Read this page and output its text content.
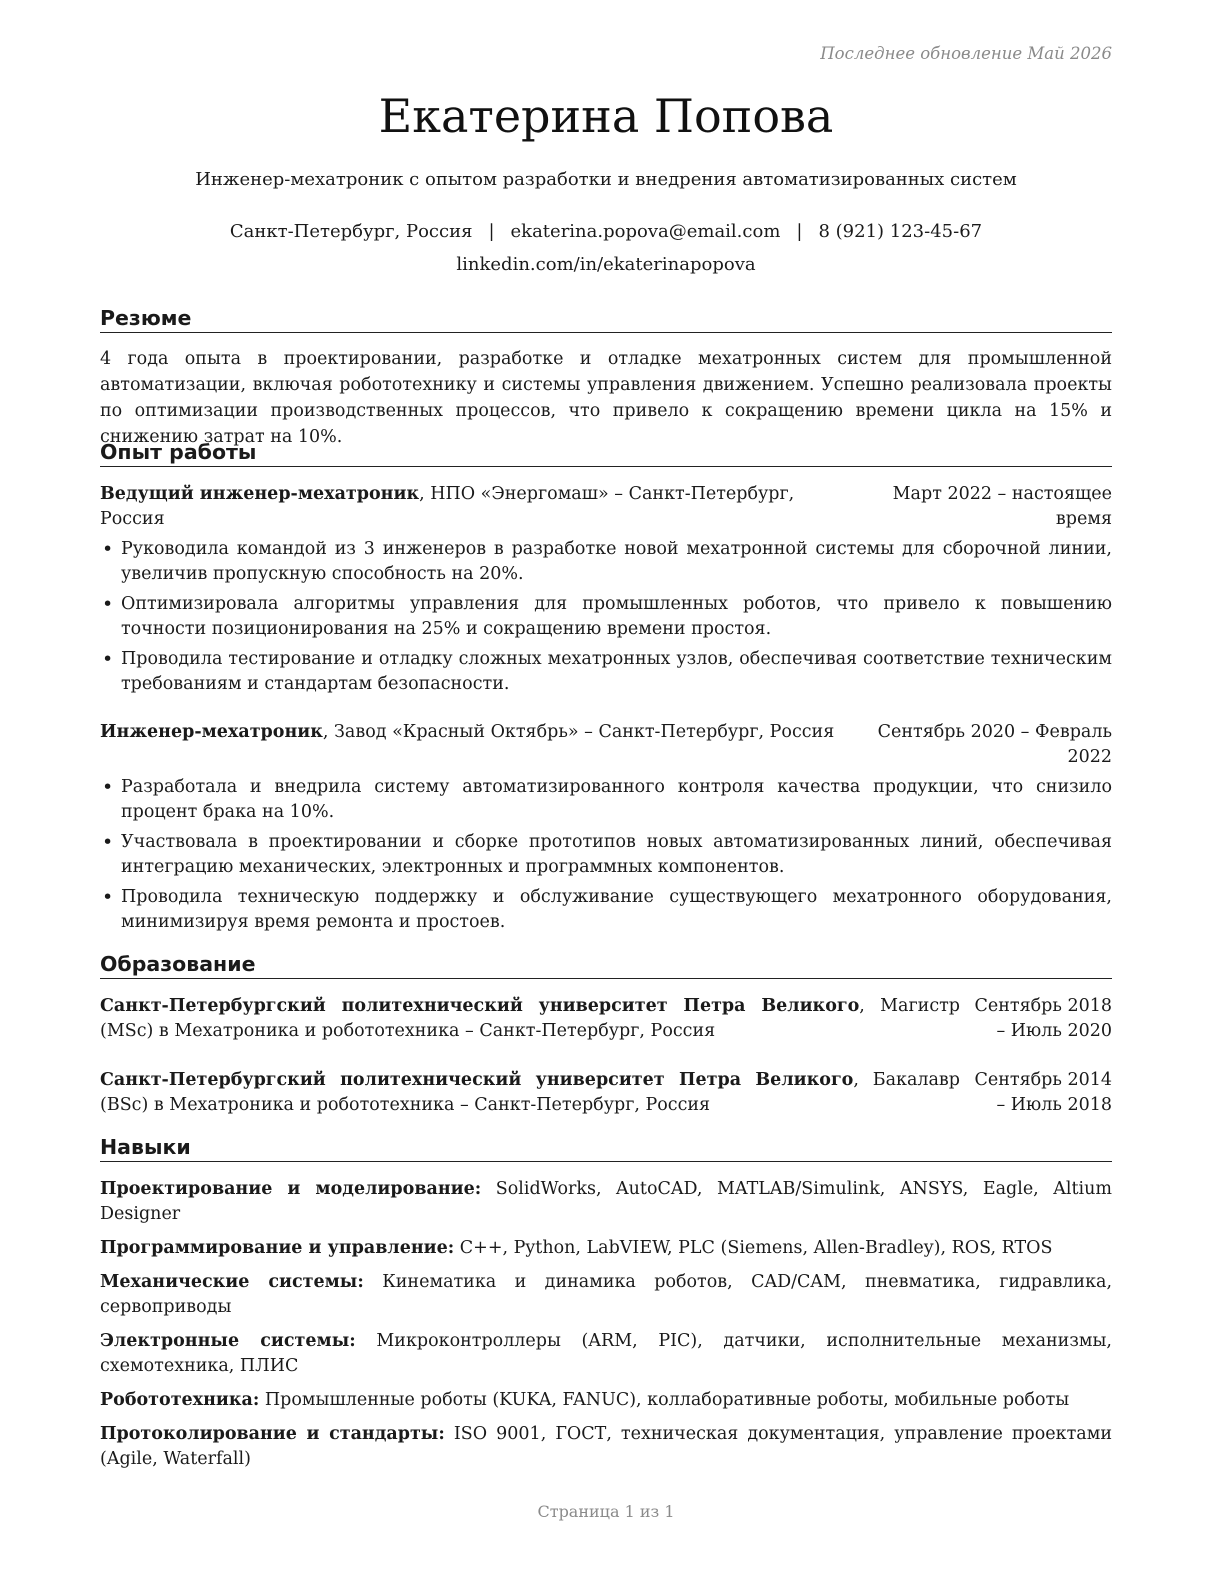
Последнее обновление Май 2026
Екатерина Попова
Инженер-мехатроник с опытом разработки и внедрения автоматизированных систем
Санкт-Петербург, Россия | ekaterina.popova@email.com | 8 (921) 123-45-67
linkedin.com/in/ekaterinapopova
Резюме

4 года опыта в проектировании, разработке и отладке мехатронных систем для промышленной автоматизации, включая робототехнику и системы управления движением. Успешно реализовала проекты по оптимизации производственных процессов, что привело к сокращению времени цикла на 15% и снижению затрат на 10%.

Опыт работы
Ведущий инженер-мехатроник, НПО «Энергомаш» – Санкт-Петербург, Россия
Март 2022 – настоящее время
• Руководила командой из 3 инженеров в разработке новой мехатронной системы для сборочной линии, увеличив пропускную способность на 20%.
• Оптимизировала алгоритмы управления для промышленных роботов, что привело к повышению точности позиционирования на 25% и сокращению времени простоя.
• Проводила тестирование и отладку сложных мехатронных узлов, обеспечивая соответствие техническим требованиям и стандартам безопасности.
Инженер-мехатроник, Завод «Красный Октябрь» – Санкт-Петербург, Россия	Сентябрь 2020 – Февраль 2022
• Разработала и внедрила систему автоматизированного контроля качества продукции, что снизило процент брака на 10%.
• Участвовала в проектировании и сборке прототипов новых автоматизированных линий, обеспечивая интеграцию механических, электронных и программных компонентов.
• Проводила техническую поддержку и обслуживание существующего мехатронного оборудования, минимизируя время ремонта и простоев.
Образование
Санкт-Петербургский политехнический университет Петра Великого, Магистр (MSc) в Мехатроника и робототехника – Санкт-Петербург, Россия
Сентябрь 2018 – Июль 2020
Санкт-Петербургский политехнический университет Петра Великого, Бакалавр (BSc) в Мехатроника и робототехника – Санкт-Петербург, Россия
Сентябрь 2014 – Июль 2018
Навыки
Проектирование и моделирование: SolidWorks, AutoCAD, MATLAB/Simulink, ANSYS, Eagle, Altium Designer
Программирование и управление: C++, Python, LabVIEW, PLC (Siemens, Allen-Bradley), ROS, RTOS
Механические системы: Кинематика и динамика роботов, CAD/CAM, пневматика, гидравлика, сервоприводы
Электронные системы: Микроконтроллеры (ARM, PIC), датчики, исполнительные механизмы, схемотехника, ПЛИС
Робототехника: Промышленные роботы (KUKA, FANUC), коллаборативные роботы, мобильные роботы
Протоколирование и стандарты: ISO 9001, ГОСТ, техническая документация, управление проектами (Agile, Waterfall)
Страница 1 из 1
